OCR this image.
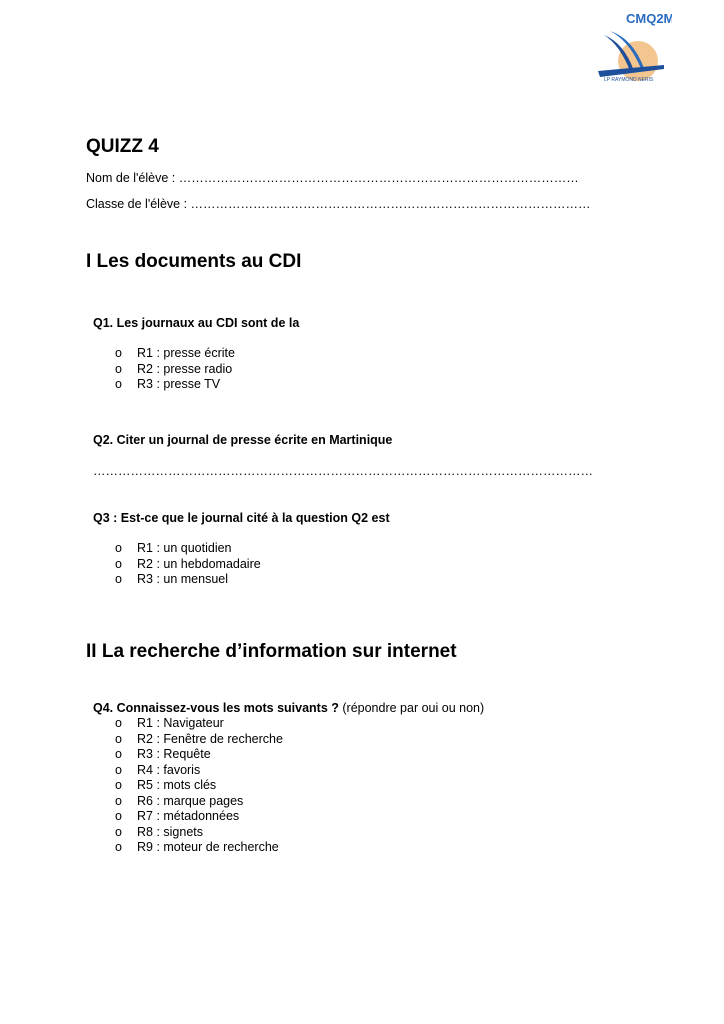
CMQ2M
LP RAYMOND NERIS
QUIZZ 4
Nom de l'élève : ……………………………………………………………………………………
Classe de l'élève : ……………………………………………………………………………………
I Les documents au CDI
Q1. Les journaux au CDI sont de la
o R1 : presse écrite
o R2 : presse radio
o R3 : presse TV
Q2. Citer un journal de presse écrite en Martinique
…………………………………………………………………………………………………………
Q3 : Est-ce que le journal cité à la question Q2 est
o R1 : un quotidien
o R2 : un hebdomadaire
o R3 : un mensuel
II La recherche d’information sur internet
Q4. Connaissez-vous les mots suivants ? (répondre par oui ou non)
o R1 : Navigateur
o R2 : Fenêtre de recherche
o R3 : Requête
o R4 : favoris
o R5 : mots clés
o R6 : marque pages
o R7 : métadonnées
o R8 : signets
o R9 : moteur de recherche
